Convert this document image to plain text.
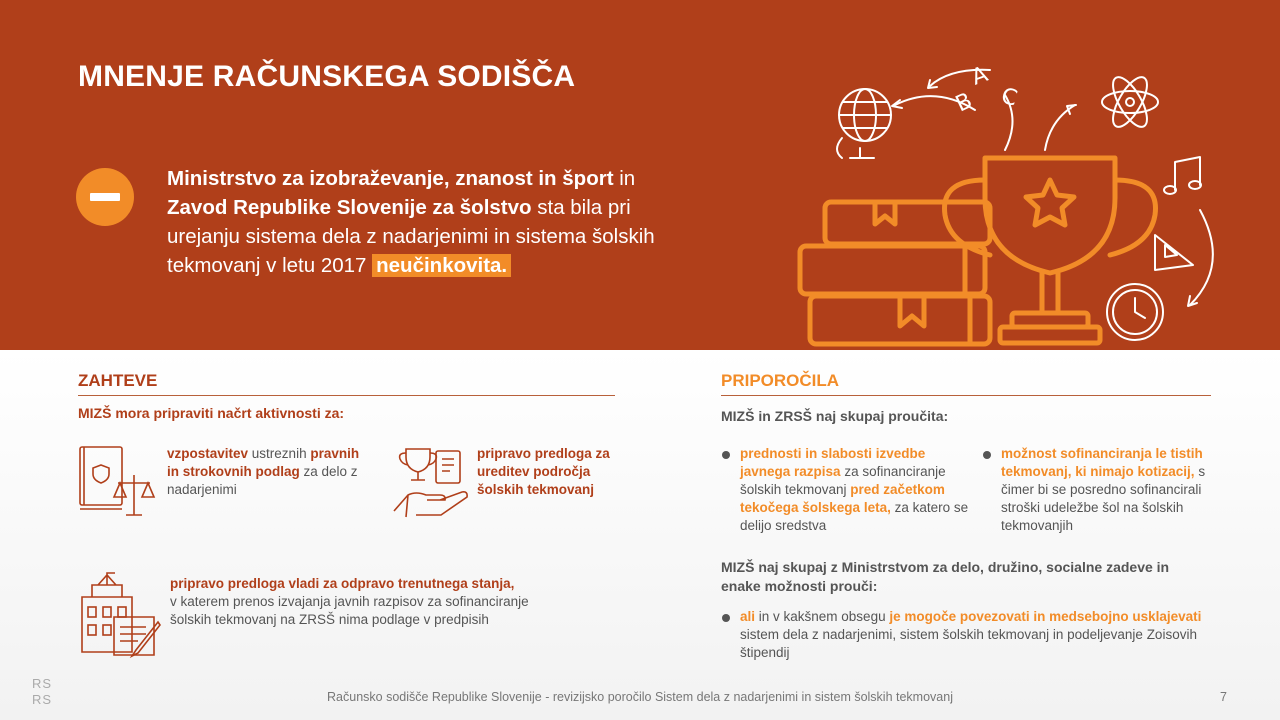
MNENJE RAČUNSKEGA SODIŠČA

Ministrstvo za izobraževanje, znanost in šport in Zavod Republike Slovenije za šolstvo sta bila pri urejanju sistema dela z nadarjenimi in sistema šolskih tekmovanj v letu 2017 neučinkovita.

A
B C
ZAHTEVE
MIZŠ mora pripraviti načrt aktivnosti za:

vzpostavitev ustreznih pravnih in strokovnih podlag za delo z nadarjenimi

pripravo predloga za ureditev področja šolskih tekmovanj

pripravo predloga vladi za odpravo trenutnega stanja,
v katerem prenos izvajanja javnih razpisov za sofinanciranje šolskih tekmovanj na ZRSŠ nima podlage v predpisih

PRIPOROČILA
MIZŠ in ZRSŠ naj skupaj proučita:

prednosti in slabosti izvedbe javnega razpisa za sofinanciranje šolskih tekmovanj pred začetkom tekočega šolskega leta, za katero se delijo sredstva

možnost sofinanciranja le tistih tekmovanj, ki nimajo kotizacij, s čimer bi se posredno sofinancirali stroški udeležbe šol na šolskih tekmovanjih

MIZŠ naj skupaj z Ministrstvom za delo, družino, socialne zadeve in enake možnosti prouči:

ali in v kakšnem obsegu je mogoče povezovati in medsebojno usklajevati sistem dela z nadarjenimi, sistem šolskih tekmovanj in podeljevanje Zoisovih štipendij

RS
RS	Računsko sodišče Republike Slovenije - revizijsko poročilo Sistem dela z nadarjenimi in sistem šolskih tekmovanj	7
